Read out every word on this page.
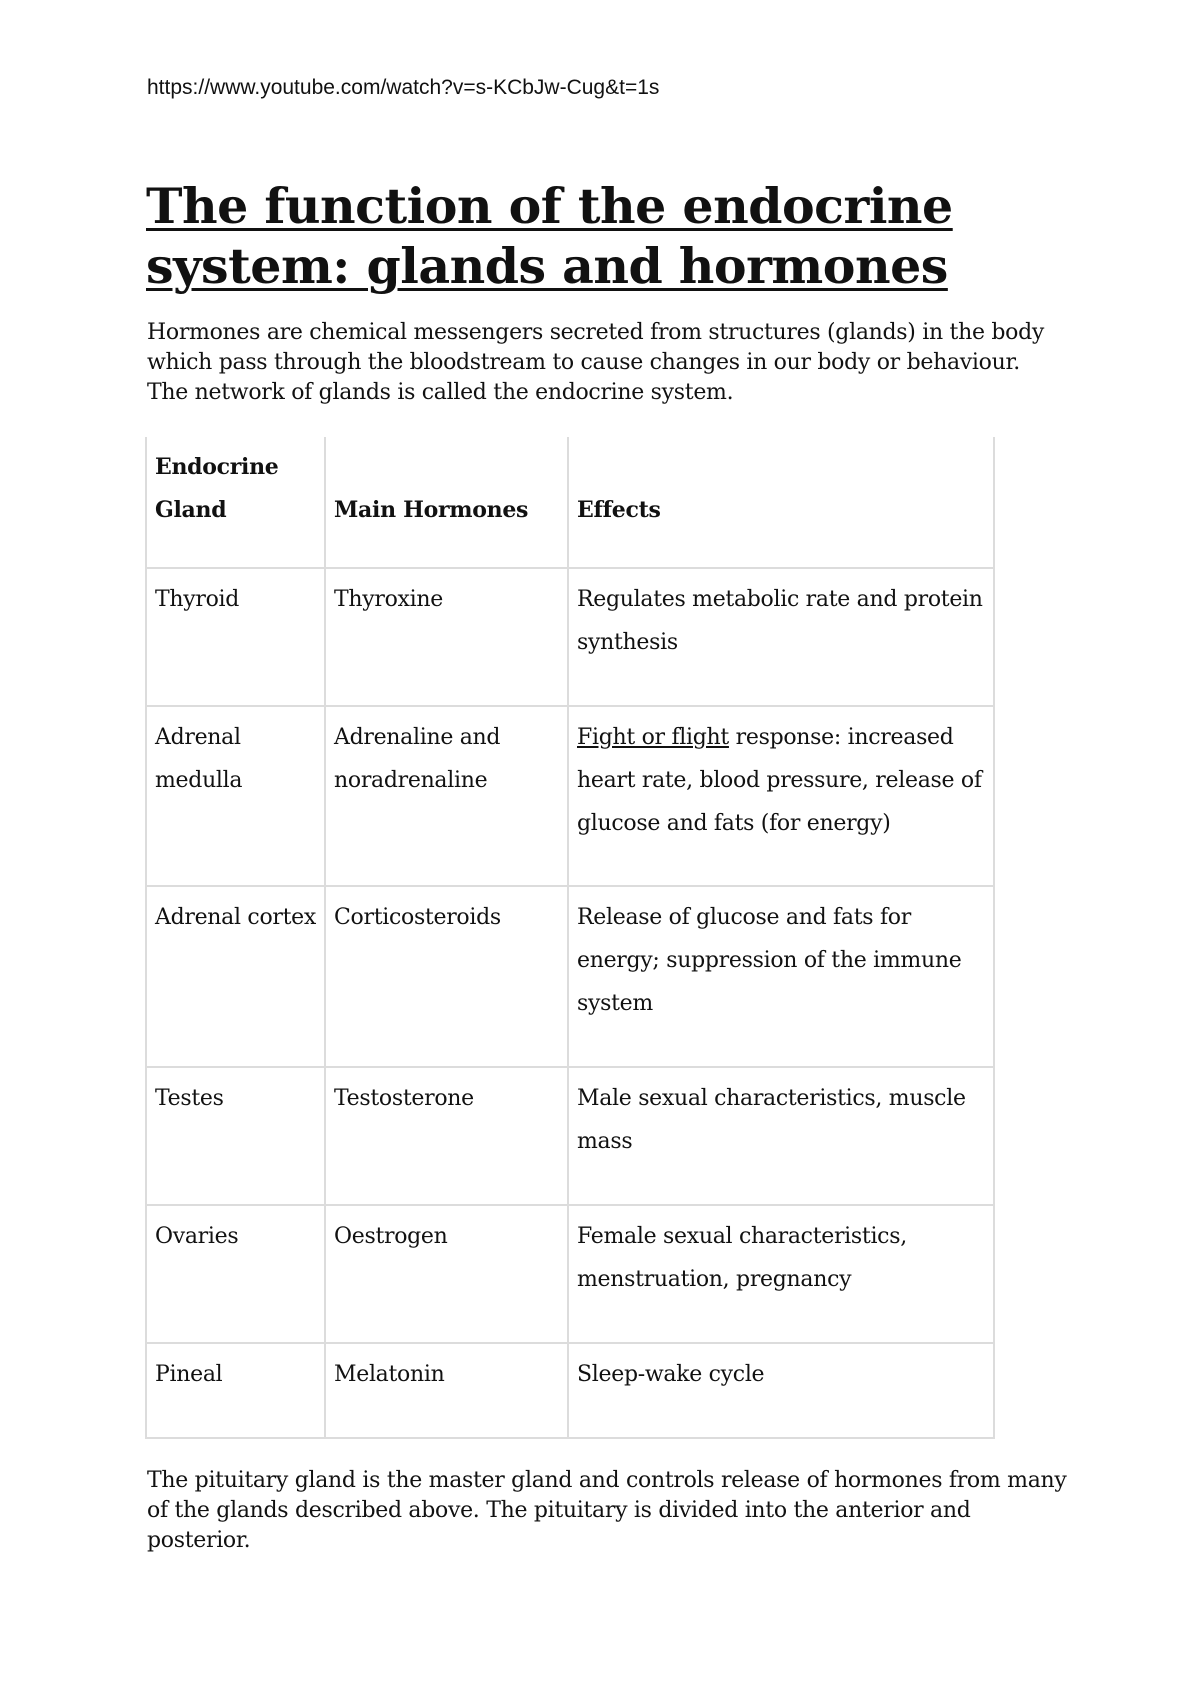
https://www.youtube.com/watch?v=s-KCbJw-Cug&t=1s
The function of the endocrine system: glands and hormones

Hormones are chemical messengers secreted from structures (glands) in the body which pass through the bloodstream to cause changes in our body or behaviour. The network of glands is called the endocrine system.

Endocrine Gland	Main Hormones	Effects
Thyroid	Thyroxine	Regulates metabolic rate and protein synthesis
Adrenal medulla	Adrenaline and noradrenaline	Fight or flight response: increased heart rate, blood pressure, release of glucose and fats (for energy)
Adrenal cortex	Corticosteroids	Release of glucose and fats for energy; suppression of the immune system
Testes	Testosterone	Male sexual characteristics, muscle mass
Ovaries	Oestrogen	Female sexual characteristics, menstruation, pregnancy
Pineal	Melatonin	Sleep-wake cycle

The pituitary gland is the master gland and controls release of hormones from many of the glands described above. The pituitary is divided into the anterior and posterior.
